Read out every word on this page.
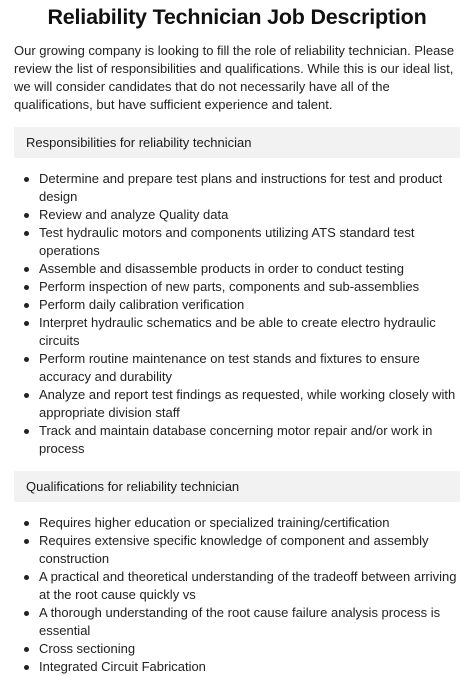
Reliability Technician Job Description

Our growing company is looking to fill the role of reliability technician. Please review the list of responsibilities and qualifications. While this is our ideal list, we will consider candidates that do not necessarily have all of the qualifications, but have sufficient experience and talent.

Responsibilities for reliability technician
Determine and prepare test plans and instructions for test and product design
Review and analyze Quality data
Test hydraulic motors and components utilizing ATS standard test operations
Assemble and disassemble products in order to conduct testing
Perform inspection of new parts, components and sub-assemblies
Perform daily calibration verification
Interpret hydraulic schematics and be able to create electro hydraulic circuits
Perform routine maintenance on test stands and fixtures to ensure accuracy and durability
Analyze and report test findings as requested, while working closely with appropriate division staff
Track and maintain database concerning motor repair and/or work in process
Qualifications for reliability technician
Requires higher education or specialized training/certification
Requires extensive specific knowledge of component and assembly construction
A practical and theoretical understanding of the tradeoff between arriving at the root cause quickly vs
A thorough understanding of the root cause failure analysis process is essential
Cross sectioning
Integrated Circuit Fabrication
